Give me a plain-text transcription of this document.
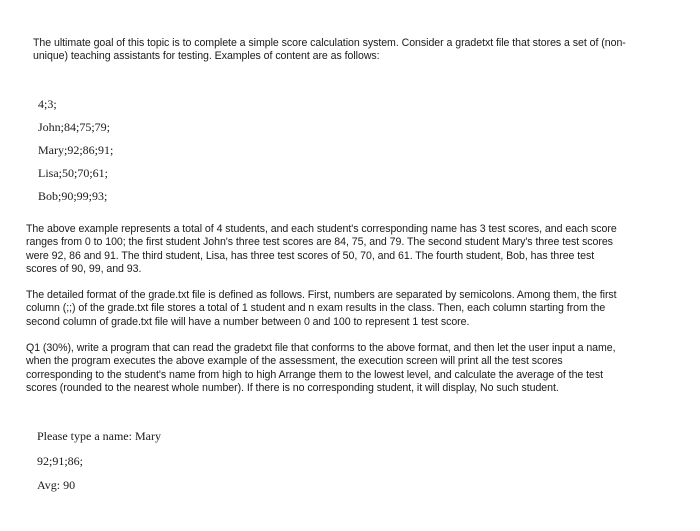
The ultimate goal of this topic is to complete a simple score calculation system. Consider a gradetxt file that stores a set of (non-
unique) teaching assistants for testing. Examples of content are as follows:
4;3;
John;84;75;79;
Mary;92;86;91;
Lisa;50;70;61;
Bob;90;99;93;
The above example represents a total of 4 students, and each student's corresponding name has 3 test scores, and each score
ranges from 0 to 100; the first student John's three test scores are 84, 75, and 79. The second student Mary's three test scores
were 92, 86 and 91. The third student, Lisa, has three test scores of 50, 70, and 61. The fourth student, Bob, has three test
scores of 90, 99, and 93.
The detailed format of the grade.txt file is defined as follows. First, numbers are separated by semicolons. Among them, the first
column (;;) of the grade.txt file stores a total of 1 student and n exam results in the class. Then, each column starting from the
second column of grade.txt file will have a number between 0 and 100 to represent 1 test score.
Q1 (30%), write a program that can read the gradetxt file that conforms to the above format, and then let the user input a name,
when the program executes the above example of the assessment, the execution screen will print all the test scores
corresponding to the student's name from high to high Arrange them to the lowest level, and calculate the average of the test
scores (rounded to the nearest whole number). If there is no corresponding student, it will display, No such student.
Please type a name: Mary
92;91;86;
Avg: 90
